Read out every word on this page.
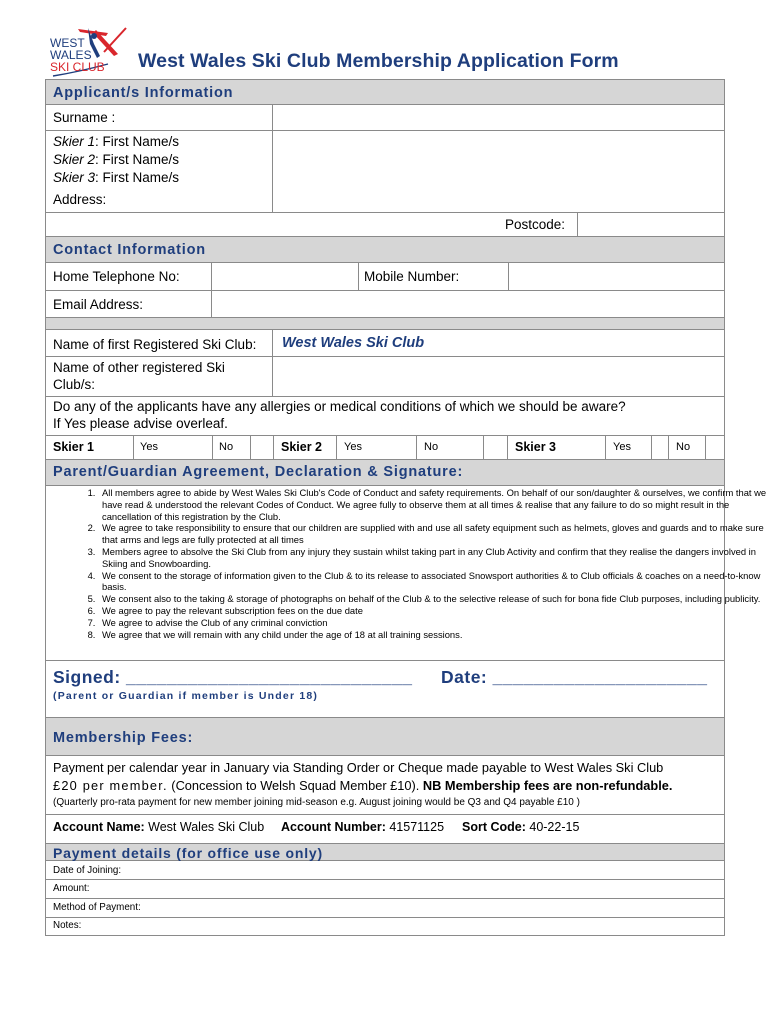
WEST
WALES
SKI CLUB West Wales Ski Club Membership Application Form
Applicant/s Information
Surname :
Skier 1: First Name/s
Skier 2: First Name/s
Skier 3: First Name/s
Address:
Postcode:
Contact Information
Home Telephone No:	Mobile Number:
Email Address:
Name of first Registered Ski Club: West Wales Ski Club
Name of other registered Ski
Club/s:
Do any of the applicants have any allergies or medical conditions of which we should be aware?
If Yes please advise overleaf.
Skier 1	Yes	No	Skier 2 Yes	No	Skier 3	Yes	No
Parent/Guardian Agreement, Declaration & Signature:
1. All members agree to abide by West Wales Ski Club's Code of Conduct and safety requirements. On behalf of our son/daughter & ourselves, we confirm that we have read & understood the relevant Codes of Conduct. We agree fully to observe them at all times & realise that any failure to do so might result in the cancellation of this registration by the Club.
2. We agree to take responsibility to ensure that our children are supplied with and use all safety equipment such as helmets, gloves and guards and to make sure that arms and legs are fully protected at all times
3. Members agree to absolve the Ski Club from any injury they sustain whilst taking part in any Club Activity and confirm that they realise the dangers involved in Skiing and Snowboarding.
4. We consent to the storage of information given to the Club & to its release to associated Snowsport authorities & to Club officials & coaches on a need-to-know basis.
5. We consent also to the taking & storage of photographs on behalf of the Club & to the selective release of such for bona fide Club purposes, including publicity.
6. We agree to pay the relevant subscription fees on the due date
7. We agree to advise the Club of any criminal conviction
8. We agree that we will remain with any child under the age of 18 at all training sessions.
Signed: ____________________________ Date: _____________________
(Parent or Guardian if member is Under 18)
Membership Fees:
Payment per calendar year in January via Standing Order or Cheque made payable to West Wales Ski Club
£20 per member. (Concession to Welsh Squad Member £10). NB Membership fees are non-refundable.
(Quarterly pro-rata payment for new member joining mid-season e.g. August joining would be Q3 and Q4 payable £10 )
Account Name: West Wales Ski Club Account Number: 41571125 Sort Code: 40-22-15
Payment details (for office use only)
Date of Joining:
Amount:
Method of Payment:
Notes:
